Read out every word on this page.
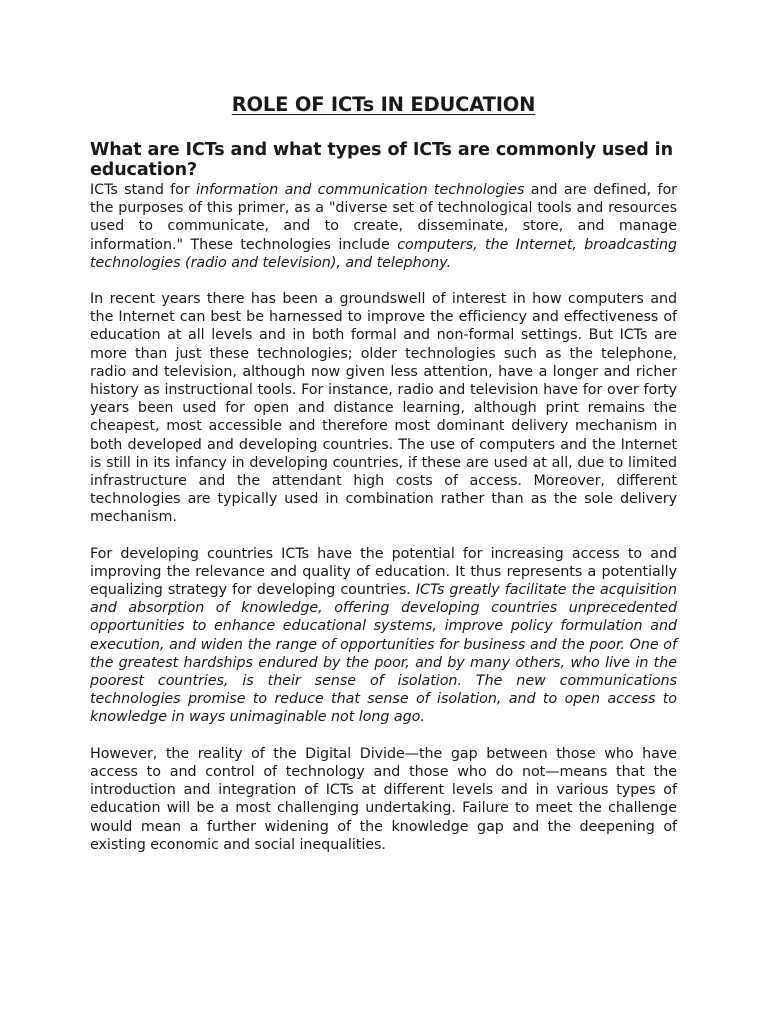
ROLE OF ICTs IN EDUCATION
What are ICTs and what types of ICTs are commonly used in education?

ICTs stand for information and communication technologies and are defined, for the purposes of this primer, as a "diverse set of technological tools and resources used to communicate, and to create, disseminate, store, and manage information." These technologies include computers, the Internet, broadcasting technologies (radio and television), and telephony.

In recent years there has been a groundswell of interest in how computers and the Internet can best be harnessed to improve the efficiency and effectiveness of education at all levels and in both formal and non-formal settings. But ICTs are more than just these technologies; older technologies such as the telephone, radio and television, although now given less attention, have a longer and richer history as instructional tools. For instance, radio and television have for over forty years been used for open and distance learning, although print remains the cheapest, most accessible and therefore most dominant delivery mechanism in both developed and developing countries. The use of computers and the Internet is still in its infancy in developing countries, if these are used at all, due to limited infrastructure and the attendant high costs of access. Moreover, different technologies are typically used in combination rather than as the sole delivery mechanism.

For developing countries ICTs have the potential for increasing access to and improving the relevance and quality of education. It thus represents a potentially equalizing strategy for developing countries. ICTs greatly facilitate the acquisition and absorption of knowledge, offering developing countries unprecedented opportunities to enhance educational systems, improve policy formulation and execution, and widen the range of opportunities for business and the poor. One of the greatest hardships endured by the poor, and by many others, who live in the poorest countries, is their sense of isolation. The new communications technologies promise to reduce that sense of isolation, and to open access to knowledge in ways unimaginable not long ago.

However, the reality of the Digital Divide—the gap between those who have access to and control of technology and those who do not—means that the introduction and integration of ICTs at different levels and in various types of education will be a most challenging undertaking. Failure to meet the challenge would mean a further widening of the knowledge gap and the deepening of existing economic and social inequalities.
